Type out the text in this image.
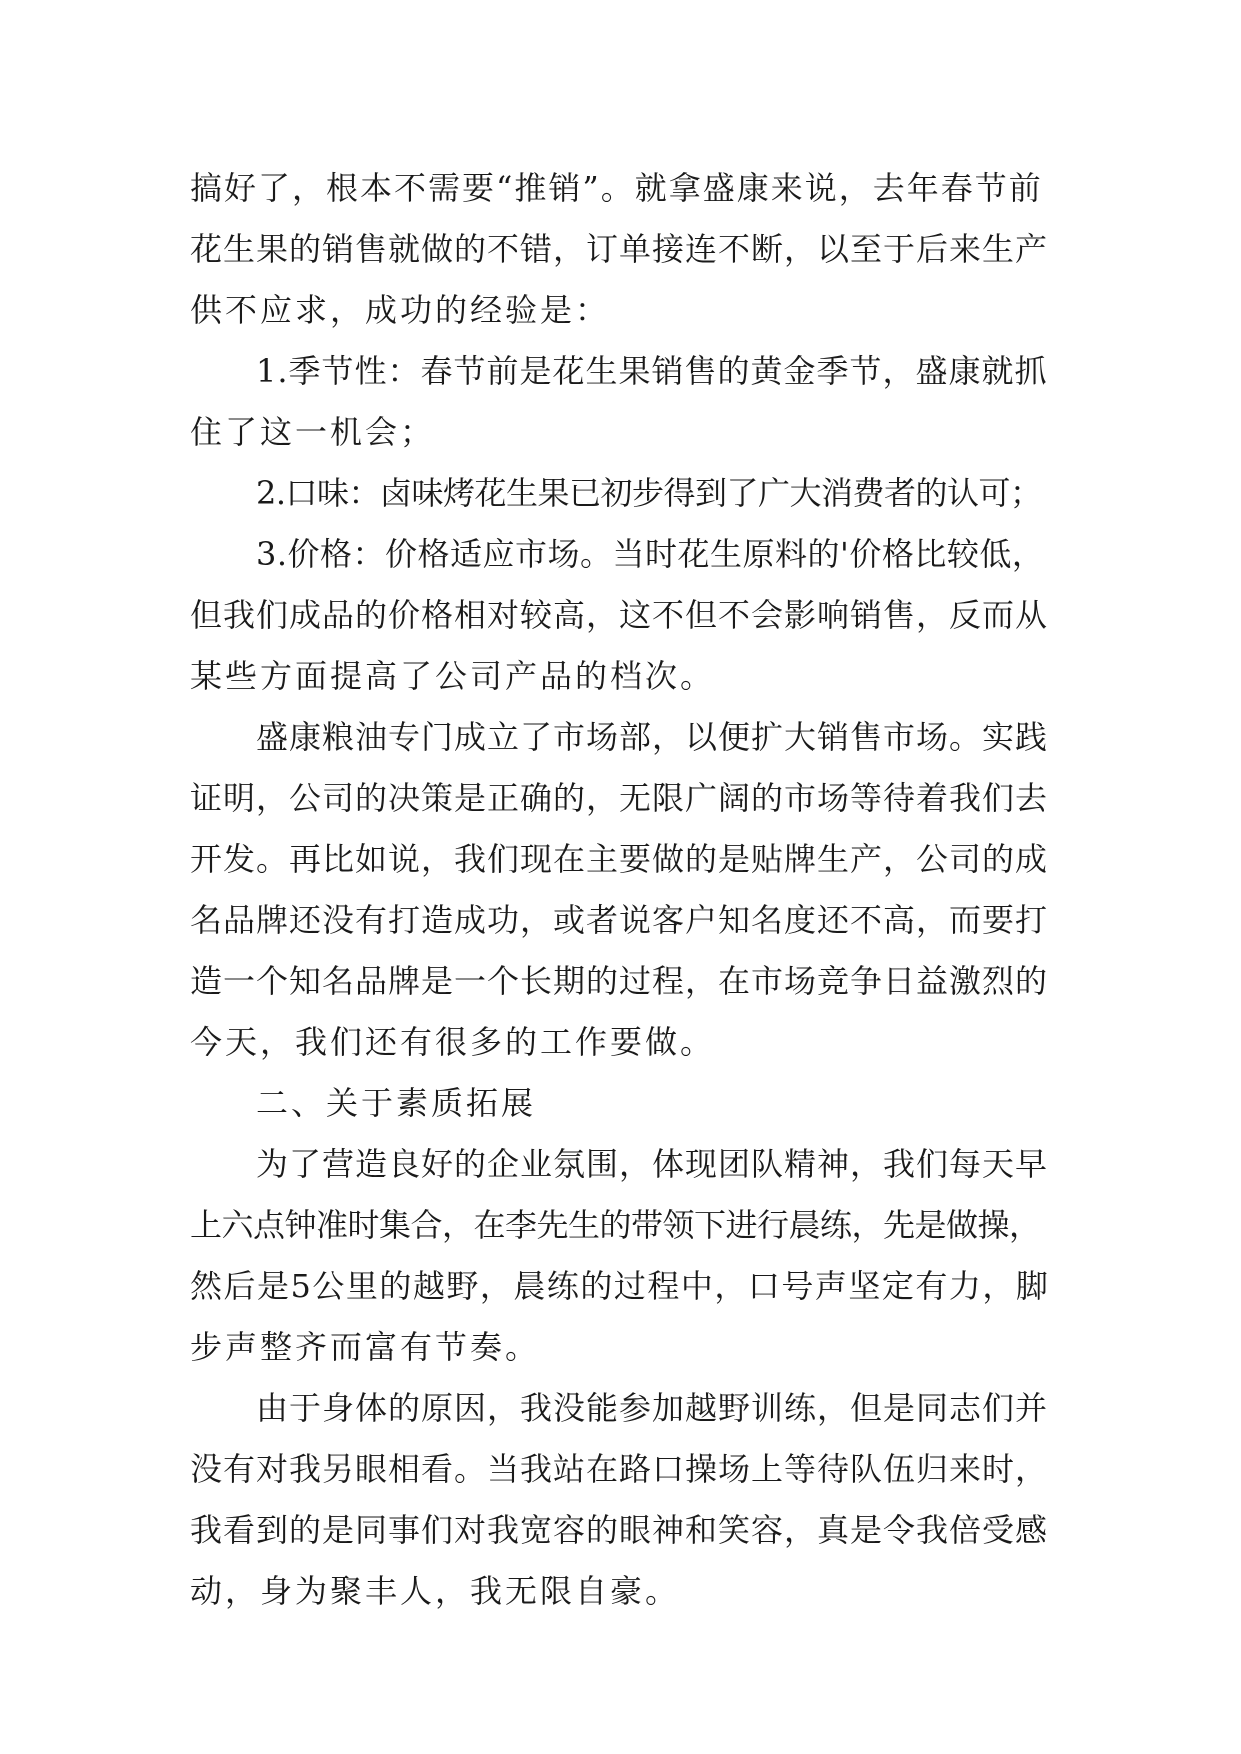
搞好了，根本不需要“推销”。就拿盛康来说，去年春节前
花生果的销售就做的不错，订单接连不断，以至于后来生产
供不应求，成功的经验是：
1.季节性：春节前是花生果销售的黄金季节，盛康就抓
住了这一机会；
2.口味：卤味烤花生果已初步得到了广大消费者的认可；
3.价格：价格适应市场。当时花生原料的'价格比较低，
但我们成品的价格相对较高，这不但不会影响销售，反而从
某些方面提高了公司产品的档次。
盛康粮油专门成立了市场部，以便扩大销售市场。实践
证明，公司的决策是正确的，无限广阔的市场等待着我们去
开发。再比如说，我们现在主要做的是贴牌生产，公司的成
名品牌还没有打造成功，或者说客户知名度还不高，而要打
造一个知名品牌是一个长期的过程，在市场竞争日益激烈的
今天，我们还有很多的工作要做。
二、关于素质拓展
为了营造良好的企业氛围，体现团队精神，我们每天早
上六点钟准时集合，在李先生的带领下进行晨练，先是做操，
然后是5公里的越野，晨练的过程中，口号声坚定有力，脚
步声整齐而富有节奏。
由于身体的原因，我没能参加越野训练，但是同志们并
没有对我另眼相看。当我站在路口操场上等待队伍归来时，
我看到的是同事们对我宽容的眼神和笑容，真是令我倍受感
动，身为聚丰人，我无限自豪。
